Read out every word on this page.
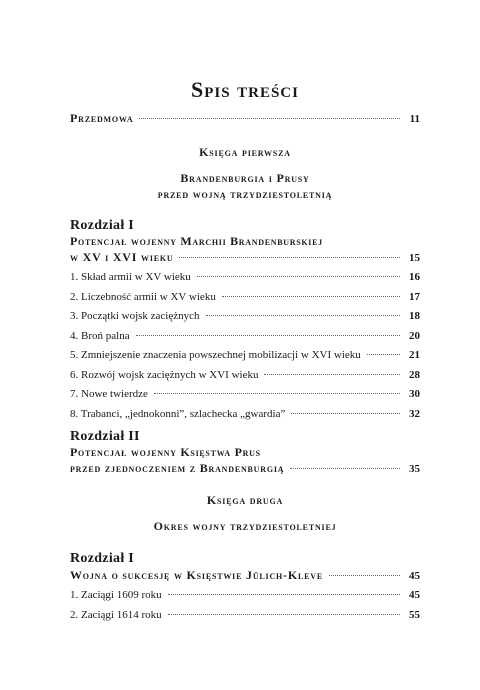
Spis treści
Przedmowa	11
Księga pierwsza
Brandenburgia i Prusy
przed wojną trzydziestoletnią
Rozdział I
Potencjał wojenny Marchii Brandenburskiej
w XV i XVI wieku	15
1. Skład armii w XV wieku	16
2. Liczebność armii w XV wieku	17
3. Początki wojsk zaciężnych	18
4. Broń palna	20
5. Zmniejszenie znaczenia powszechnej mobilizacji w XVI wieku	21
6. Rozwój wojsk zaciężnych w XVI wieku	28
7. Nowe twierdze	30
8. Trabanci, „jednokonni”, szlachecka „gwardia”	32
Rozdział II
Potencjał wojenny Księstwa Prus
przed zjednoczeniem z Brandenburgią	35
Księga druga
Okres wojny trzydziestoletniej
Rozdział I
Wojna o sukcesję w Księstwie Jülich-Kleve	45
1. Zaciągi 1609 roku	45
2. Zaciągi 1614 roku	55
